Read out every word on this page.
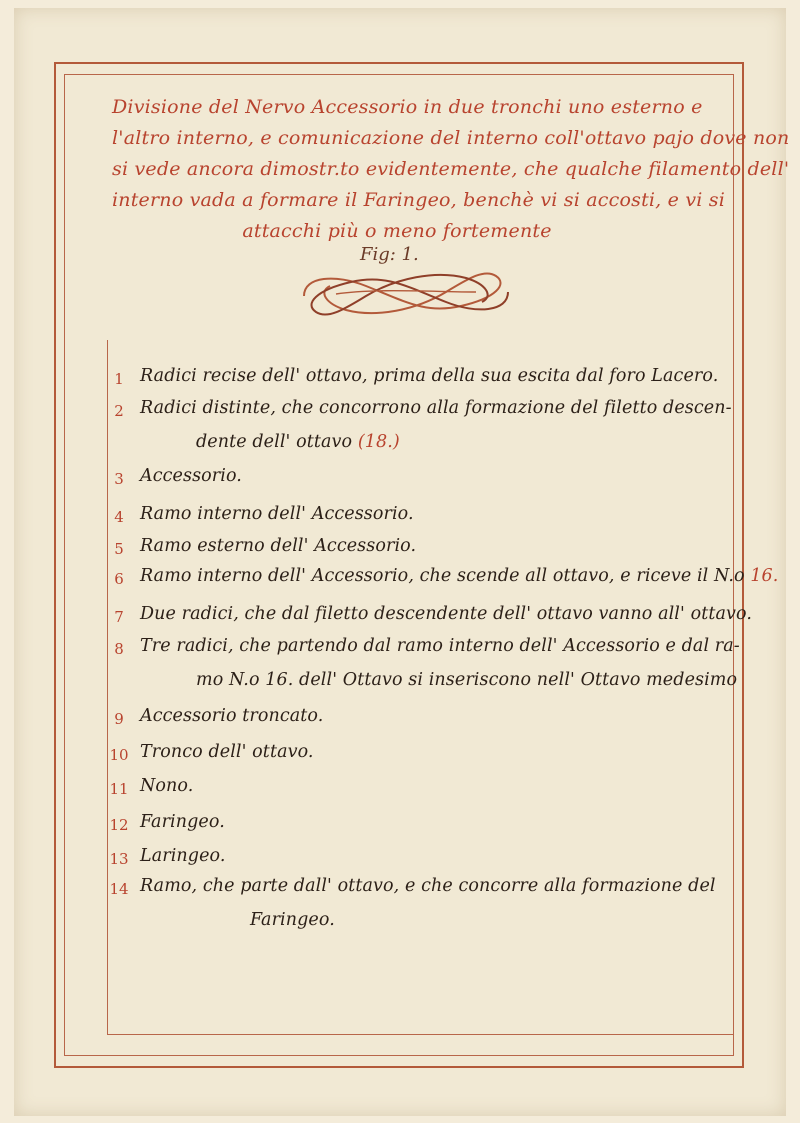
Divisione del Nervo Accessorio in due tronchi uno esterno e
l'altro interno, e comunicazione del interno coll'ottavo pajo dove non
si vede ancora dimostr.to evidentemente, che qualche filamento dell'
interno vada a formare il Faringeo, benchè vi si accosti, e vi si
attacchi più o meno fortemente
Fig: 1.
1 Radici recise dell' ottavo, prima della sua escita dal foro Lacero.
2 Radici distinte, che concorrono alla formazione del filetto descen-
dente dell' ottavo (18.)
3 Accessorio.
4 Ramo interno dell' Accessorio.
5 Ramo esterno dell' Accessorio.
6 Ramo interno dell' Accessorio, che scende all ottavo, e riceve il N.o 16.
7 Due radici, che dal filetto descendente dell' ottavo vanno all' ottavo.
8 Tre radici, che partendo dal ramo interno dell' Accessorio e dal ra-
mo N.o 16. dell' Ottavo si inseriscono nell' Ottavo medesimo
9 Accessorio troncato.
10 Tronco dell' ottavo.
11 Nono.
12 Faringeo.
13 Laringeo.
14 Ramo, che parte dall' ottavo, e che concorre alla formazione del
Faringeo.
